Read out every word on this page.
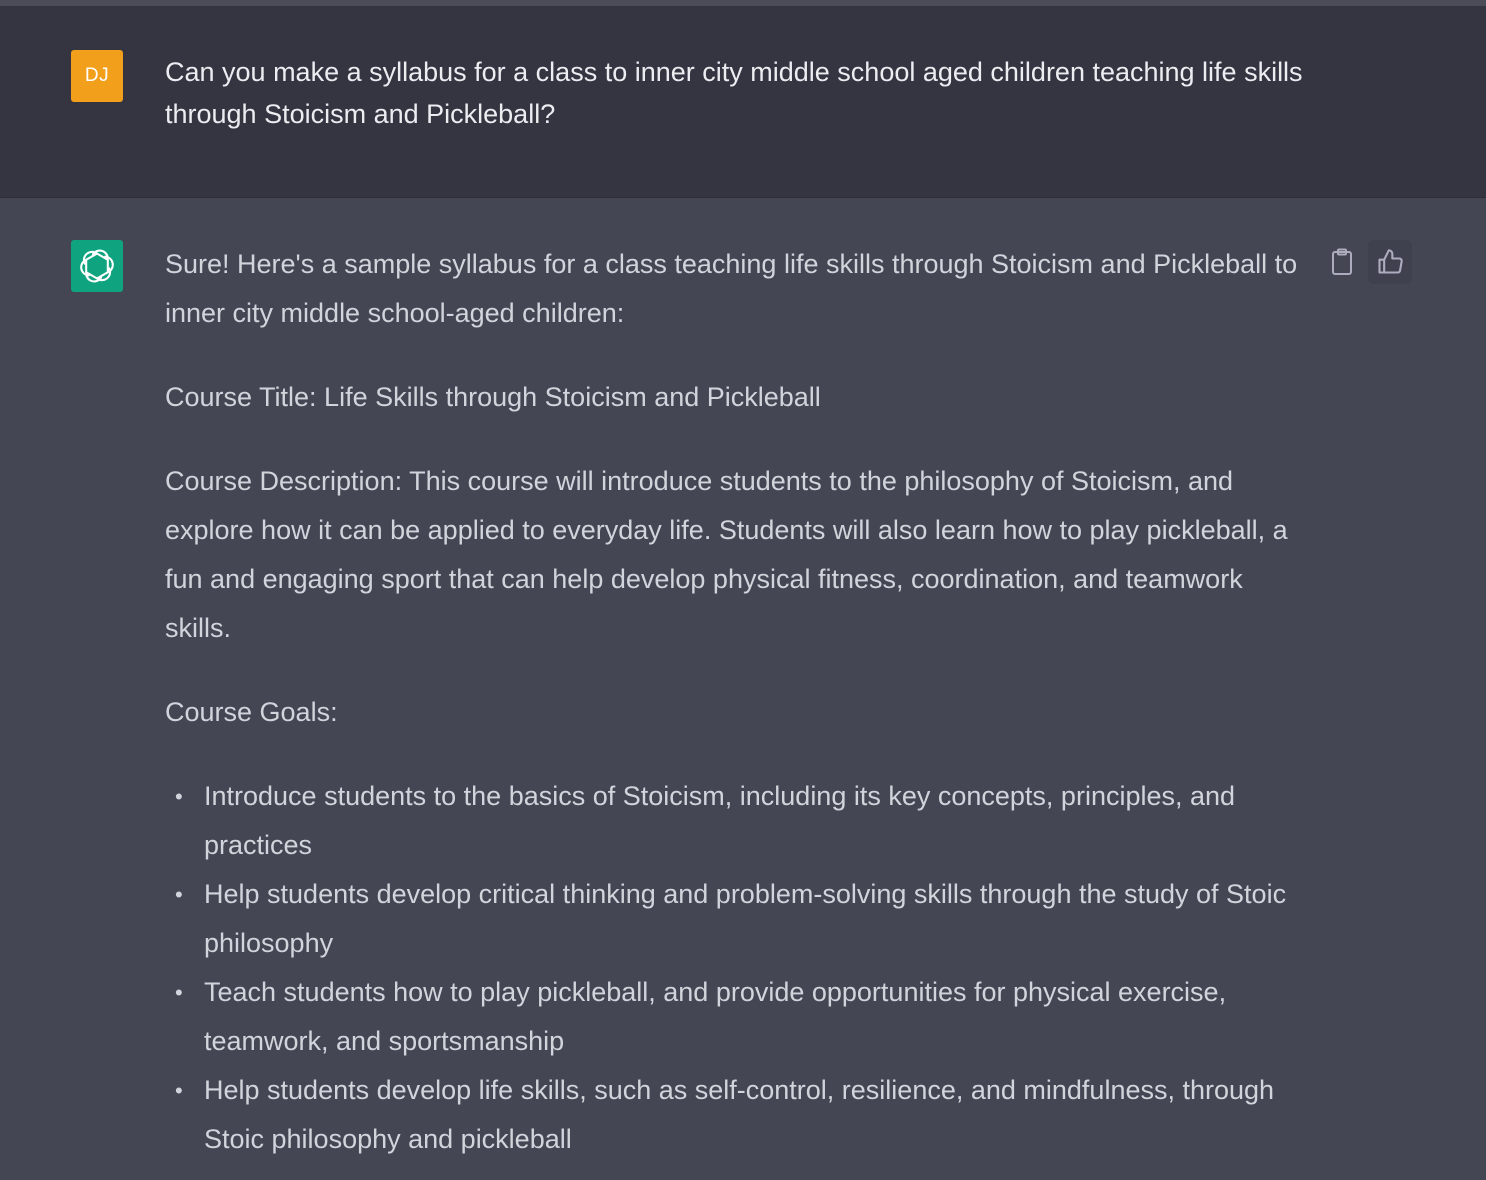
DJ	Can you make a syllabus for a class to inner city middle school aged children teaching life skills through Stoicism and Pickleball?

Sure! Here's a sample syllabus for a class teaching life skills through Stoicism and Pickleball to inner city middle school-aged children:

Course Title: Life Skills through Stoicism and Pickleball

Course Description: This course will introduce students to the philosophy of Stoicism, and explore how it can be applied to everyday life. Students will also learn how to play pickleball, a fun and engaging sport that can help develop physical fitness, coordination, and teamwork skills.

Course Goals:

• Introduce students to the basics of Stoicism, including its key concepts, principles, and practices
• Help students develop critical thinking and problem-solving skills through the study of Stoic philosophy
• Teach students how to play pickleball, and provide opportunities for physical exercise, teamwork, and sportsmanship
• Help students develop life skills, such as self-control, resilience, and mindfulness, through Stoic philosophy and pickleball
